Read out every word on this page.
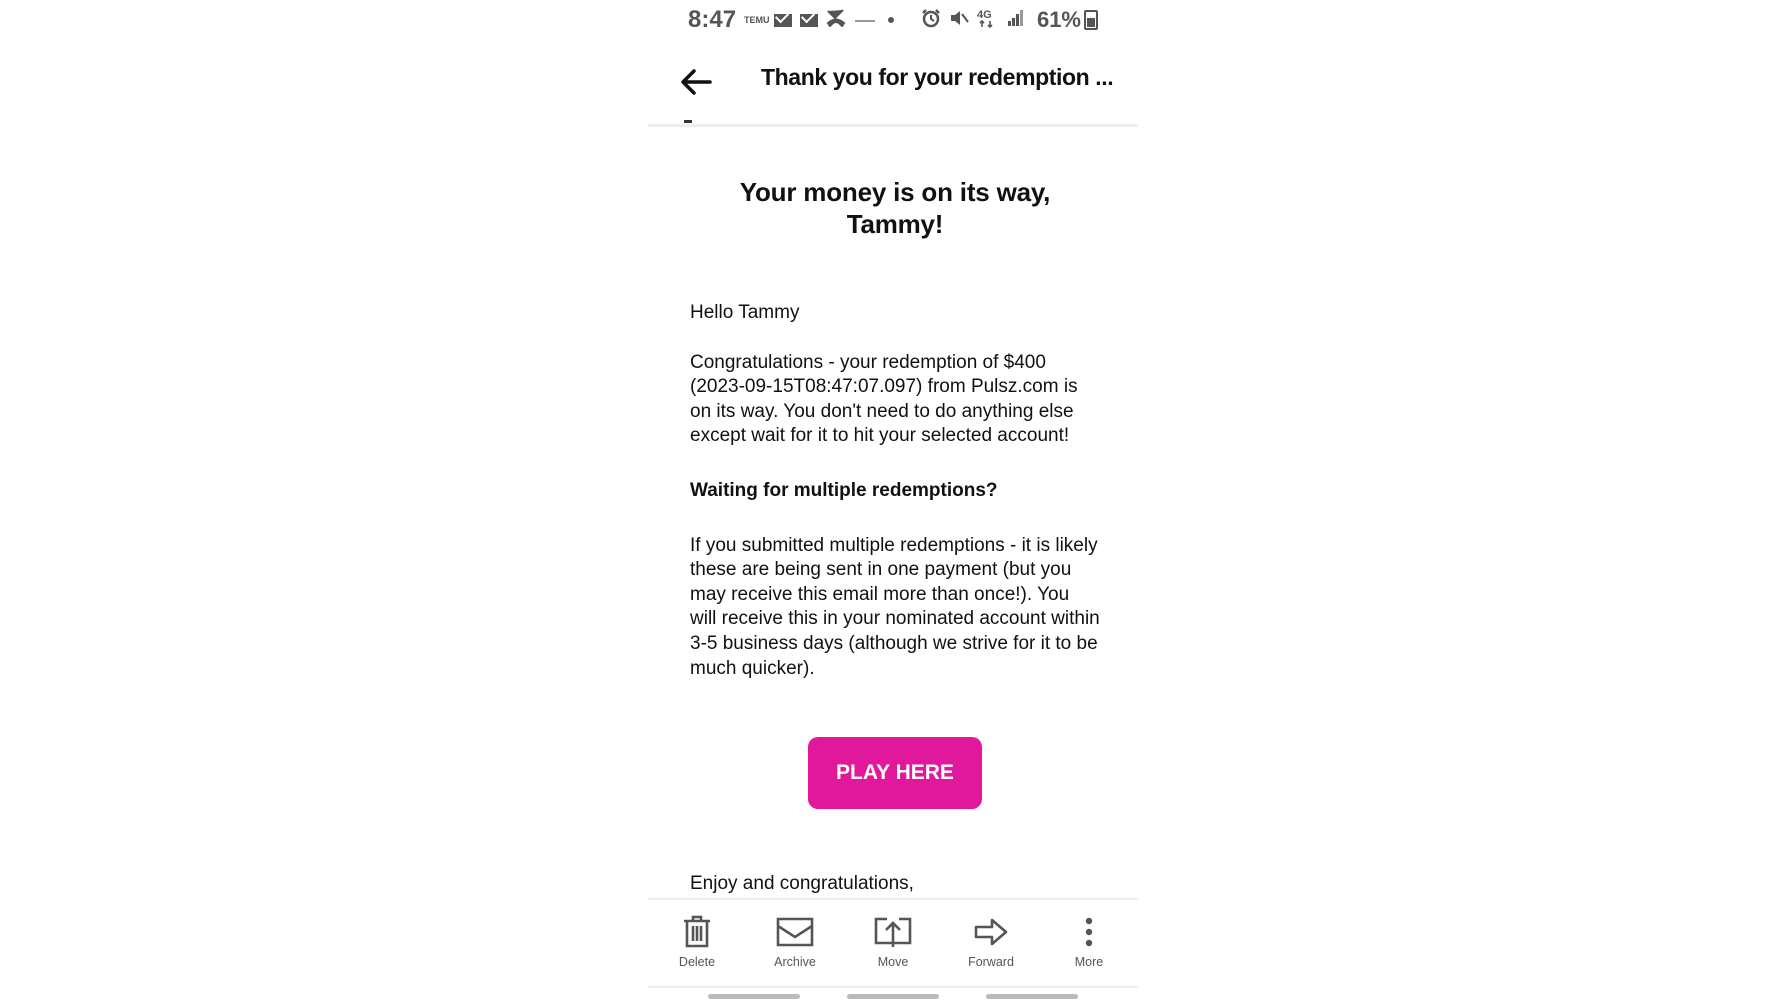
8:47 TEMU	4G 61%
Thank you for your redemption ...
Your money is on its way, Tammy!

Hello Tammy

Congratulations - your redemption of $400 (2023-09-15T08:47:07.097) from Pulsz.com is on its way. You don't need to do anything else except wait for it to hit your selected account!

Waiting for multiple redemptions?

If you submitted multiple redemptions - it is likely these are being sent in one payment (but you may receive this email more than once!). You will receive this in your nominated account within 3-5 business days (although we strive for it to be much quicker).

PLAY HERE

Enjoy and congratulations,

Delete	Archive	Move	Forward	More
